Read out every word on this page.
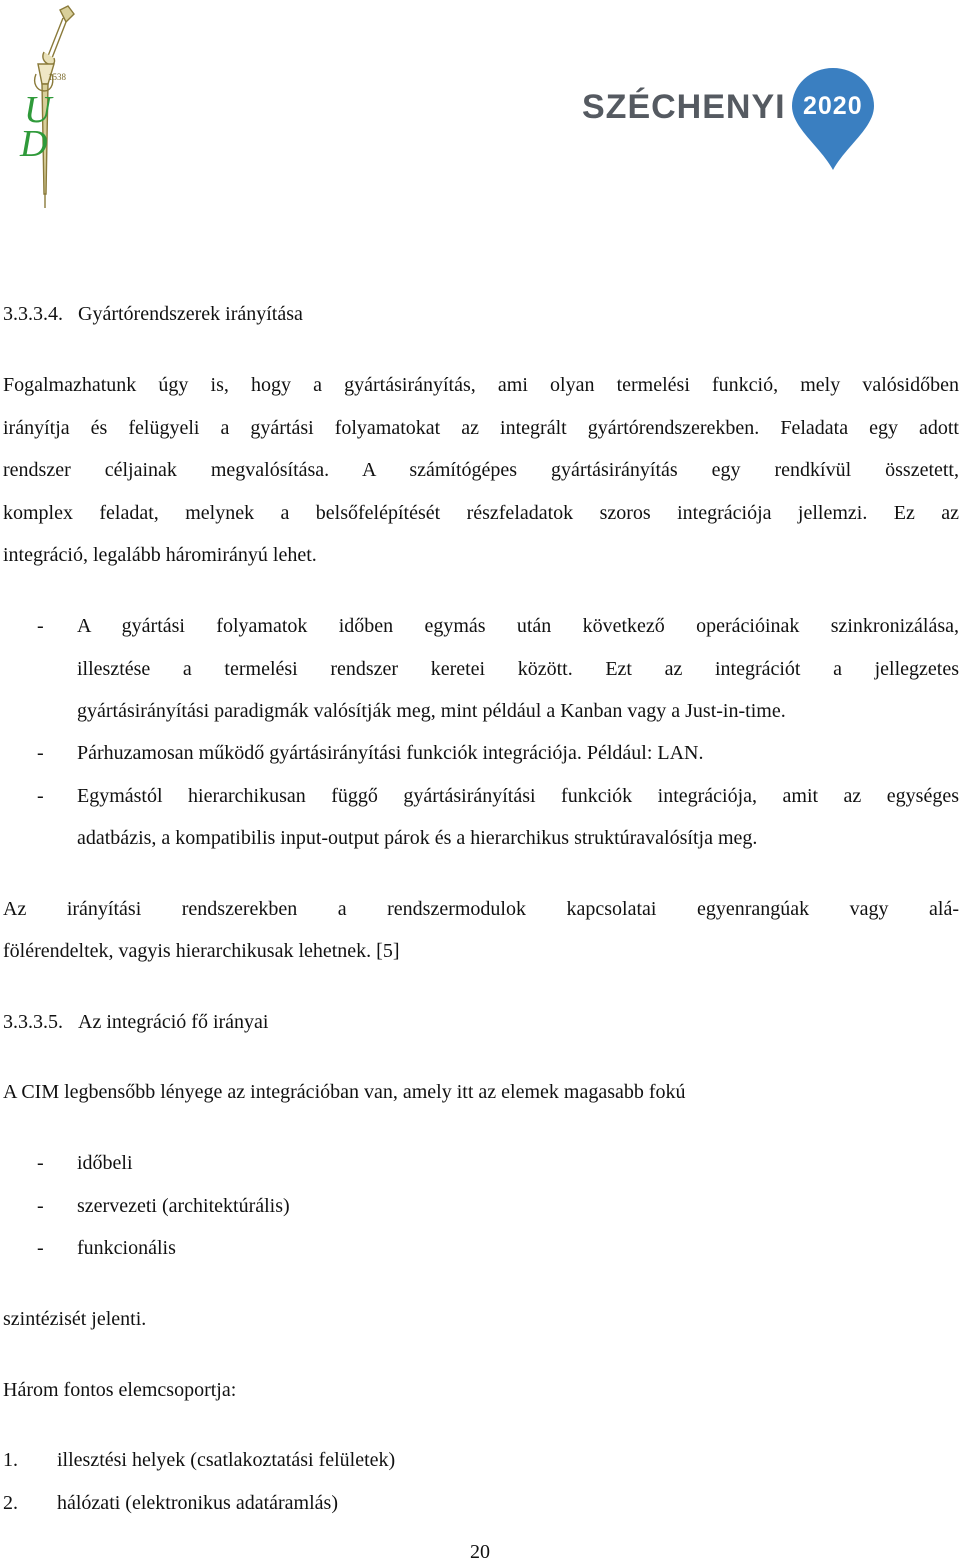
1538
U
D
SZÉCHENYI 2020
3.3.3.4. Gyártórendszerek irányítása
Fogalmazhatunk úgy is, hogy a gyártásirányítás, ami olyan termelési funkció, mely valósidőben
irányítja és felügyeli a gyártási folyamatokat az integrált gyártórendszerekben. Feladata egy adott
rendszer céljainak megvalósítása. A számítógépes gyártásirányítás egy rendkívül összetett,
komplex feladat, melynek a belsőfelépítését részfeladatok szoros integrációja jellemzi. Ez az
integráció, legalább háromirányú lehet.
- A gyártási folyamatok időben egymás után következő operációinak szinkronizálása,
illesztése a termelési rendszer keretei között. Ezt az integrációt a jellegzetes
gyártásirányítási paradigmák valósítják meg, mint például a Kanban vagy a Just-in-time.
- Párhuzamosan működő gyártásirányítási funkciók integrációja. Például: LAN.
- Egymástól hierarchikusan függő gyártásirányítási funkciók integrációja, amit az egységes
adatbázis, a kompatibilis input-output párok és a hierarchikus struktúravalósítja meg.
Az irányítási rendszerekben a rendszermodulok kapcsolatai egyenrangúak vagy alá-
fölérendeltek, vagyis hierarchikusak lehetnek. [5]
3.3.3.5. Az integráció fő irányai
A CIM legbensőbb lényege az integrációban van, amely itt az elemek magasabb fokú
- időbeli
- szervezeti (architektúrális)
- funkcionális
szintézisét jelenti.
Három fontos elemcsoportja:
1. illesztési helyek (csatlakoztatási felületek)
2. hálózati (elektronikus adatáramlás)
20
